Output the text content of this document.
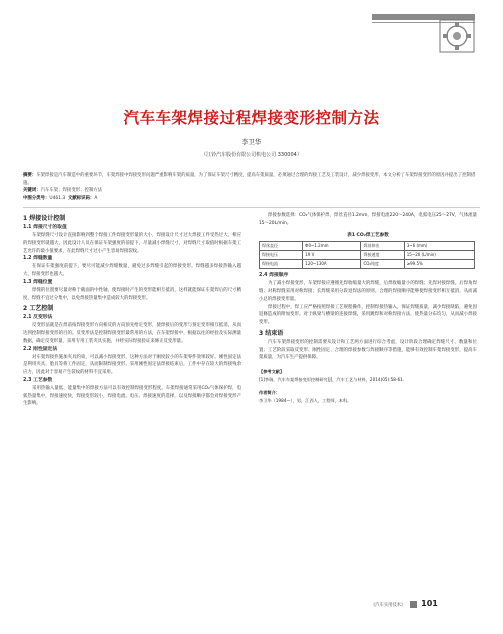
汽车车架焊接过程焊接变形控制方法
李卫华
（江铃汽车股份有限公司机电公司 330004）

摘要：车架焊接是汽车制造中的重要环节，车架焊接中焊接变形问题严重影响车架的质量，为了保证车架尺寸精度，提高车架质量，必须通过合理的焊接工艺及工装设计，减少焊接变形，本文分析了车架焊接变形的原因并提出了控制措施。

关键词：汽车车架；焊接变形；控制方法

中图分类号：U461.3 文献标识码：A

1 焊接设计控制
1.1 焊接尺寸的取值

车架焊缝尺寸设计直接影响到整个焊接工件焊接变形量的大小，焊接设计尺寸过大焊接工件受热过大，相应的焊接变形就越大，因此设计人员在保证车架强度的前提下，尽量减小焊缝尺寸，对焊缝尺寸取值时根据车架工艺允许的最小值要求，在此焊缝尺寸过小产生容易焊接裂纹。

1.2 焊缝数量

在保证车架强度前提下，要尽可能减少焊缝数量，避免过多焊缝引起的焊接变形。焊缝越多焊接热输入越大，焊接变形也越大。

1.3 焊缝位置

焊缝的位置要尽量对称于截面的中性轴，使焊接时产生的变形能相互抵消，这样就能保证车架焊后的尺寸精度，焊缝不宜过分集中，以免焊接热量集中造成较大的焊接变形。

2 工艺控制
2.1 反变形法

反变形法就是在焊前按焊接变形方向相反的方向预先给定变形，使焊接后的变形与预定变形相互抵消，从而达到控制焊接变形的目的。反变形法是控制焊接变形最常用的方法，在车架焊接中，根据以往的经验及实际测量数据，确定反变形量，采用专用工装夹具实施，并经实际焊接验证来修正反变形量。

2.2 刚性固定法

对车架焊接件施加夹具约束，可以减小焊接变形，这种方法对于刚度较小的车架零件效果较好。刚性固定法是利用夹具、胎具等将工件固定，从而限制焊接变形。采用刚性固定法焊接结束后，工件中存在较大的焊接残余应力，因此对于容易产生裂纹的材料不宜采用。

2.3 工艺参数

采用热输入量低、能量集中的焊接方法可以有效控制焊接变形程度。车架焊接通常采用CO₂气体保护焊，电弧热量集中，焊接速度快，焊接变形较小，焊接电流、电压、焊接速度的选择，以及焊接顺序都会对焊接变形产生影响。

焊接参数选择：CO₂气体保护焊，焊丝直径1.2mm，焊接电流220～240A，电弧电压25～27V，气体流量15～20L/min。

表1 CO₂焊工艺参数
焊丝直径	Φ0~1.2mm	焊丝伸出	3~6 (mm)
焊接电压	19 V	焊接速度	15~20 (L/min)
焊接电流	120~130A	CO₂纯度	≥99.5%
2.4 焊接顺序

为了减小焊接变形，车架焊接应遵循先焊收缩量大的焊缝，后焊收缩量小的焊缝；先焊对接焊缝，后焊角焊缝；对称焊缝采用对称焊接；长焊缝采用分段退焊法的原则。合理的焊接顺序能够使焊接变形相互抵消，从而减小总的焊接变形量。

焊接过程中，焊工应严格按照焊接工艺规程操作，控制焊接热输入，保证焊缝质量，减少焊接缺陷，避免因返修造成的附加变形。对于纵梁与横梁的连接焊缝，采用跳焊和对称焊接方法，使热量分布均匀，从而减小焊接变形。

3 结束语

汽车车架焊接变形的控制需要从设计和工艺两方面进行综合考虑，设计阶段合理确定焊缝尺寸、数量和位置；工艺阶段采取反变形、刚性固定、合理的焊接参数与焊接顺序等措施，能够有效控制车架焊接变形，提高车架质量，为汽车生产提供保障。

【参考文献】

[1]李瑞，汽车车架焊接变形控制研究[J]，汽车工艺与材料，2014(05):58-61.

作者简介：

李卫华（1984—），男，江西人，工程师，本科。

《汽车实用技术》 101
